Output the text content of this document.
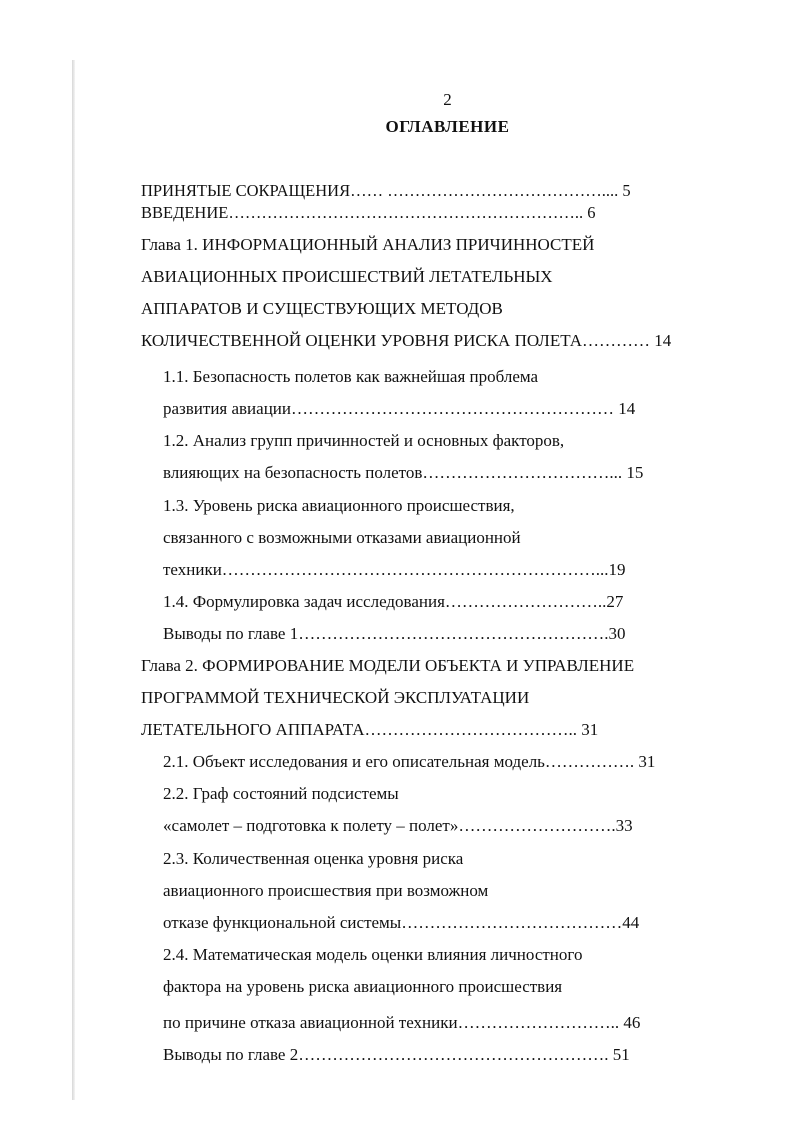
2
ОГЛАВЛЕНИЕ
ПРИНЯТЫЕ СОКРАЩЕНИЯ…… ………………………………….... 5
ВВЕДЕНИЕ……………………………………………………….. 6
Глава 1. ИНФОРМАЦИОННЫЙ АНАЛИЗ ПРИЧИННОСТЕЙ
АВИАЦИОННЫХ ПРОИСШЕСТВИЙ ЛЕТАТЕЛЬНЫХ
АППАРАТОВ И СУЩЕСТВУЮЩИХ МЕТОДОВ
КОЛИЧЕСТВЕННОЙ ОЦЕНКИ УРОВНЯ РИСКА ПОЛЕТА………… 14
1.1. Безопасность полетов как важнейшая проблема
развития авиации………………………………………………… 14
1.2. Анализ групп причинностей и основных факторов,
влияющих на безопасность полетов……………………………... 15
1.3. Уровень риска авиационного происшествия,
связанного с возможными отказами авиационной
техники…………………………………………………………...19
1.4. Формулировка задач исследования………………………..27
Выводы по главе 1……………………………………………….30
Глава 2. ФОРМИРОВАНИЕ МОДЕЛИ ОБЪЕКТА И УПРАВЛЕНИЕ
ПРОГРАММОЙ ТЕХНИЧЕСКОЙ ЭКСПЛУАТАЦИИ
ЛЕТАТЕЛЬНОГО АППАРАТА……………………………….. 31
2.1. Объект исследования и его описательная модель……………. 31
2.2. Граф состояний подсистемы
«самолет – подготовка к полету – полет»……………………….33
2.3. Количественная оценка уровня риска
авиационного происшествия при возможном
отказе функциональной системы…………………………………44
2.4. Математическая модель оценки влияния личностного
фактора на уровень риска авиационного происшествия
по причине отказа авиационной техники……………………….. 46
Выводы по главе 2………………………………………………. 51
